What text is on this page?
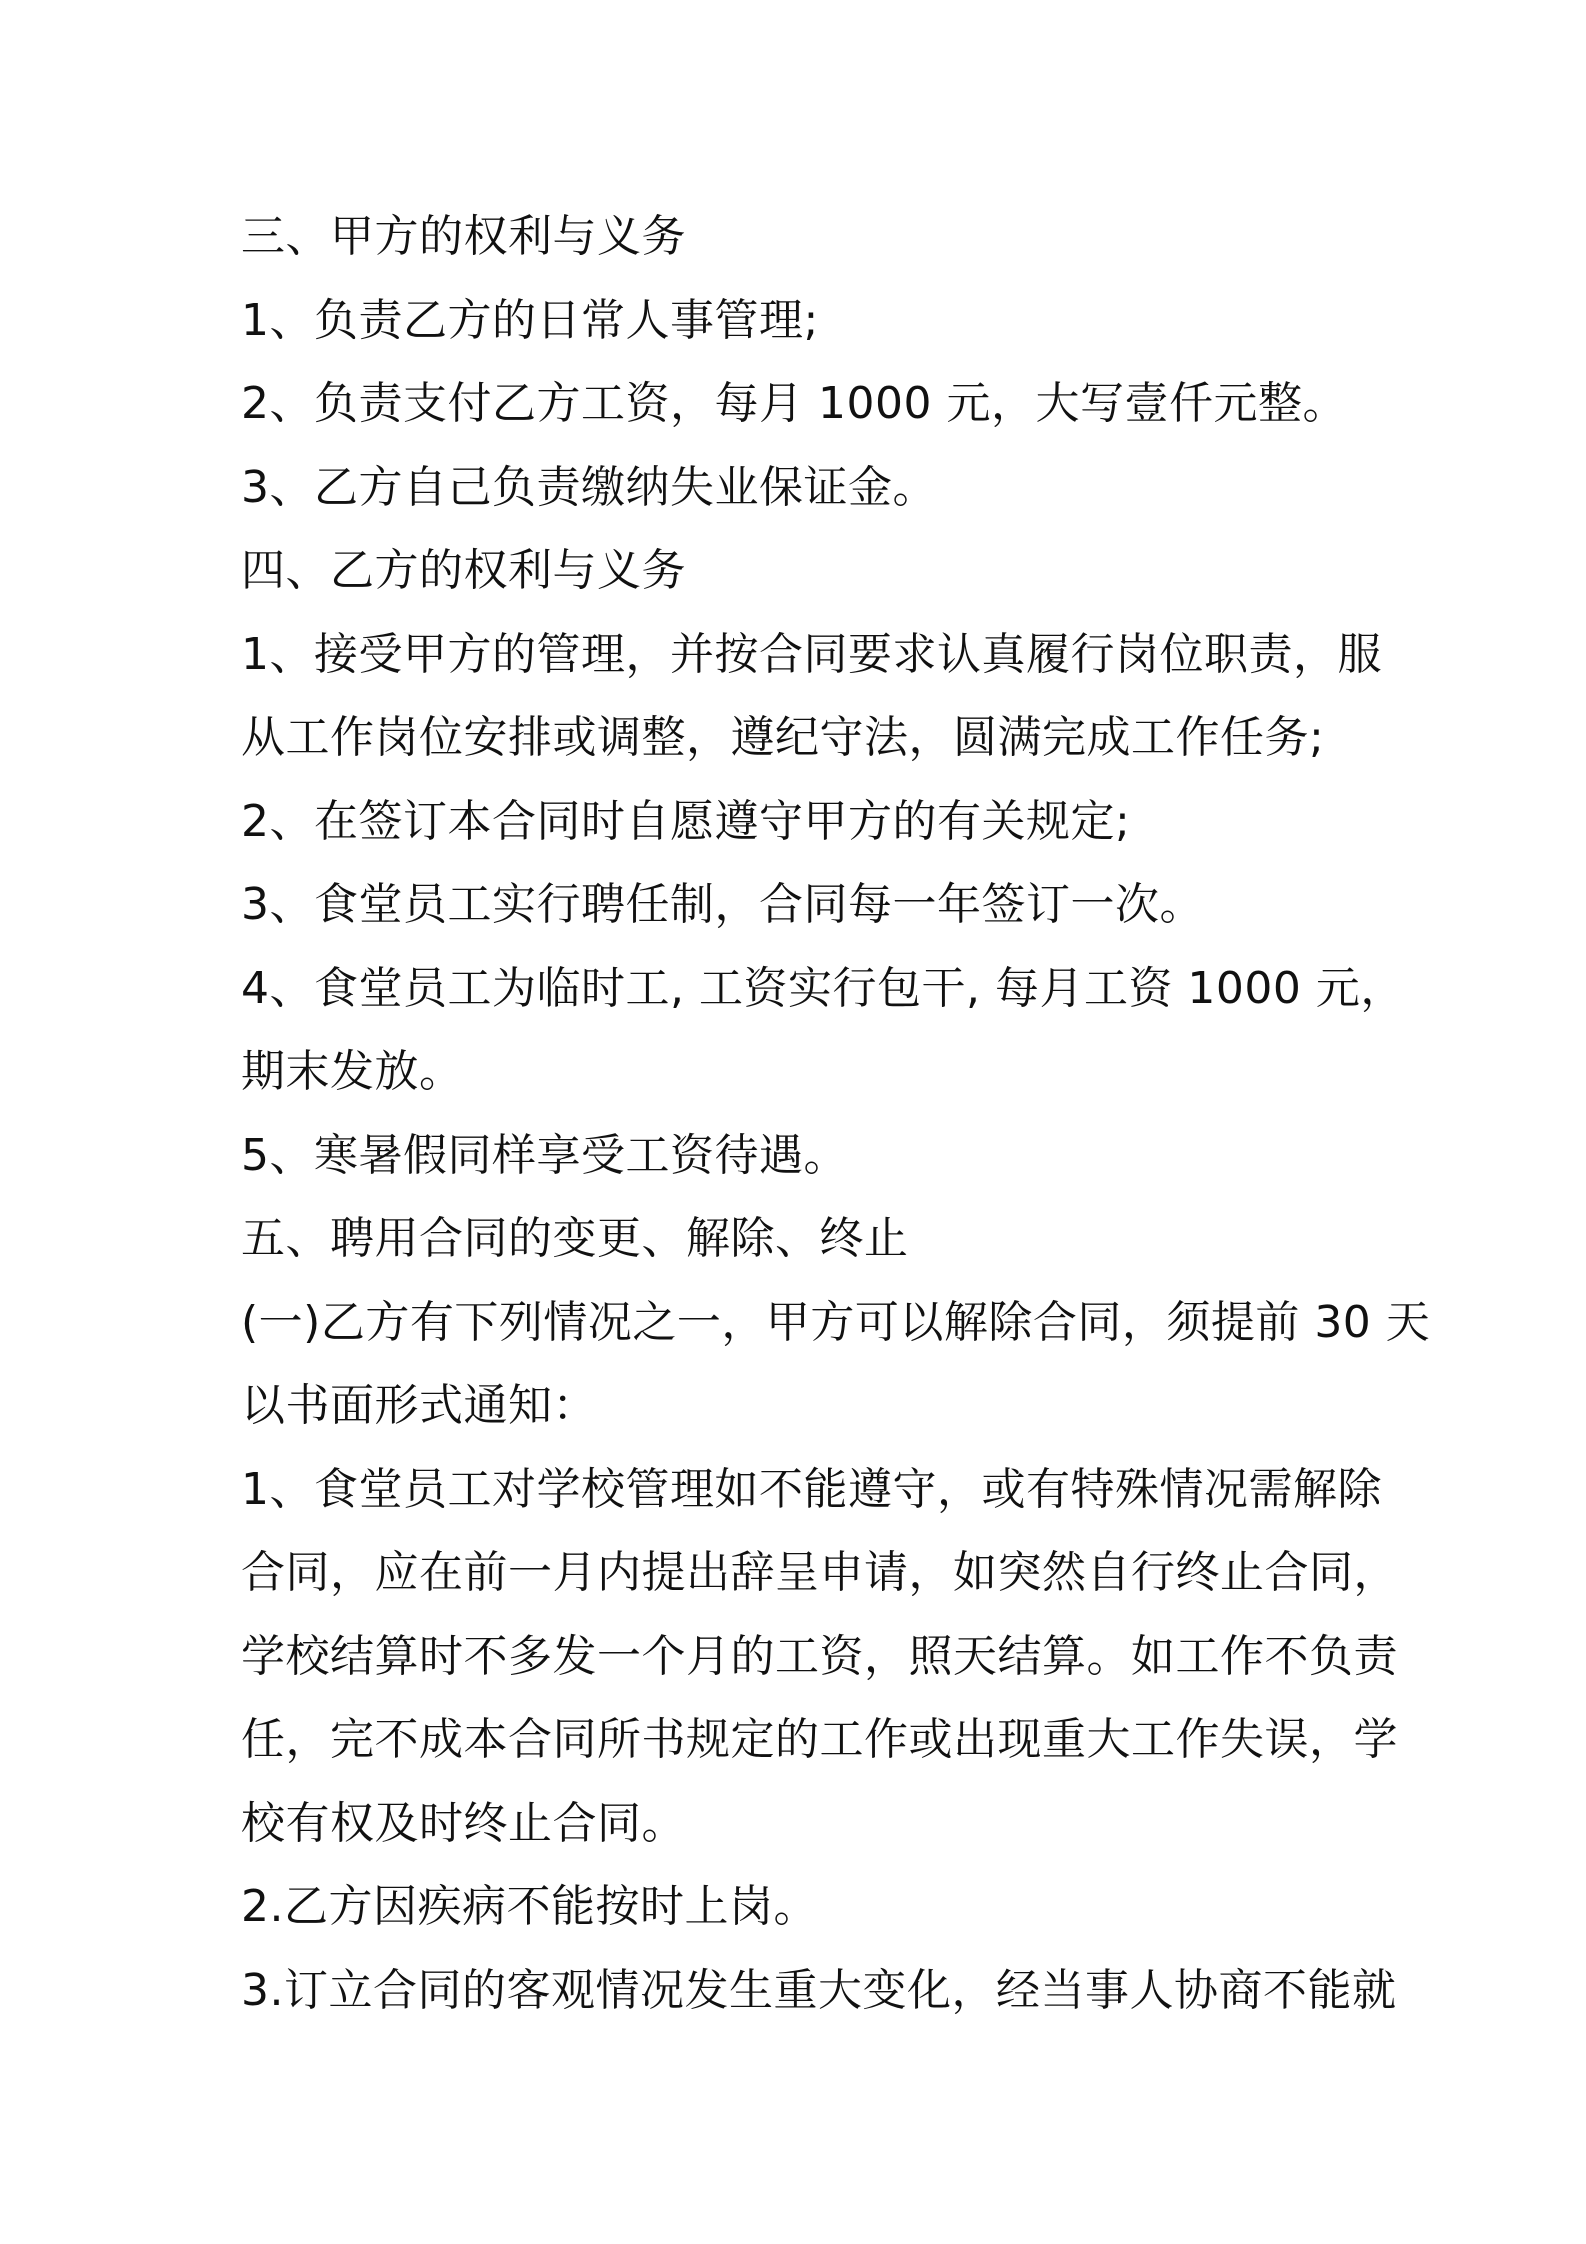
三、甲方的权利与义务
1、负责乙方的日常人事管理;
2、负责支付乙方工资，每月 1000 元，大写壹仟元整。
3、乙方自己负责缴纳失业保证金。
四、乙方的权利与义务
1、接受甲方的管理，并按合同要求认真履行岗位职责，服
从工作岗位安排或调整，遵纪守法，圆满完成工作任务;
2、在签订本合同时自愿遵守甲方的有关规定;
3、食堂员工实行聘任制，合同每一年签订一次。
4、食堂员工为临时工, 工资实行包干, 每月工资 1000 元，
期末发放。
5、寒暑假同样享受工资待遇。
五、聘用合同的变更、解除、终止
(一)乙方有下列情况之一，甲方可以解除合同，须提前 30 天
以书面形式通知：
1、食堂员工对学校管理如不能遵守，或有特殊情况需解除
合同，应在前一月内提出辞呈申请，如突然自行终止合同，
学校结算时不多发一个月的工资，照天结算。如工作不负责
任，完不成本合同所书规定的工作或出现重大工作失误，学
校有权及时终止合同。
2.乙方因疾病不能按时上岗。
3.订立合同的客观情况发生重大变化，经当事人协商不能就
